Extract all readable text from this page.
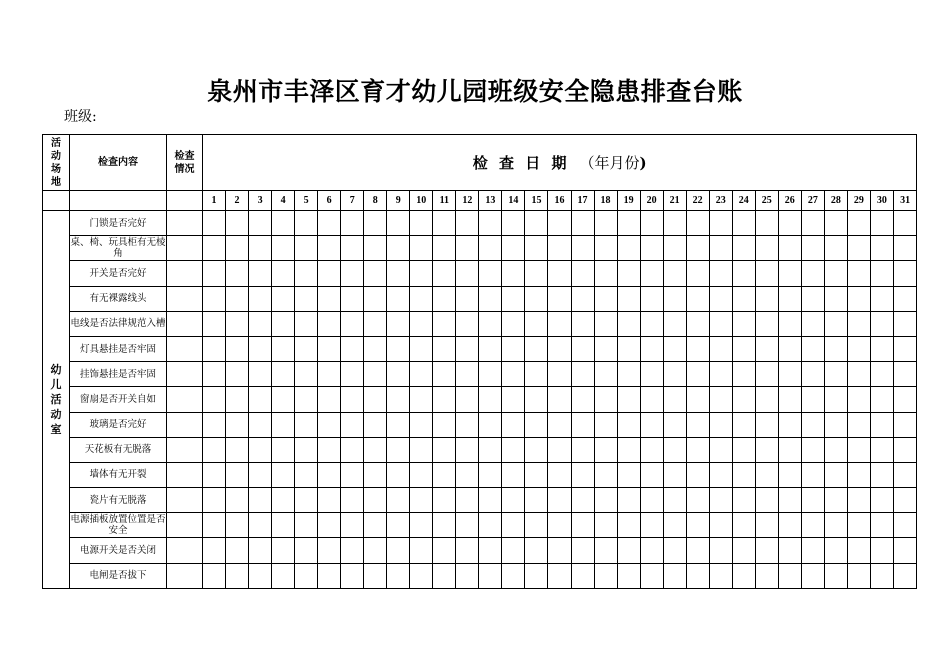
泉州市丰泽区育才幼儿园班级安全隐患排查台账
班级:
活动场地	检查内容	检查情况	检 查 日 期 （年月份)																														
			1	2	3	4	5	6	7	8	9	10	11	12	13	14	15	16	17	18	19	20	21	22	23	24	25	26	27	28	29	30	31
幼儿活动室	门锁是否完好																																
	桌、椅、玩具柜有无棱角																																
	开关是否完好																																
	有无裸露线头																																
	电线是否法律规范入槽																																
	灯具悬挂是否牢固																																
	挂饰悬挂是否牢固																																
	窗扇是否开关自如																																
	玻璃是否完好																																
	天花板有无脱落																																
	墙体有无开裂																																
	瓷片有无脱落																																
	电源插板放置位置是否安全																																
	电源开关是否关闭																																
	电闸是否拔下																																
